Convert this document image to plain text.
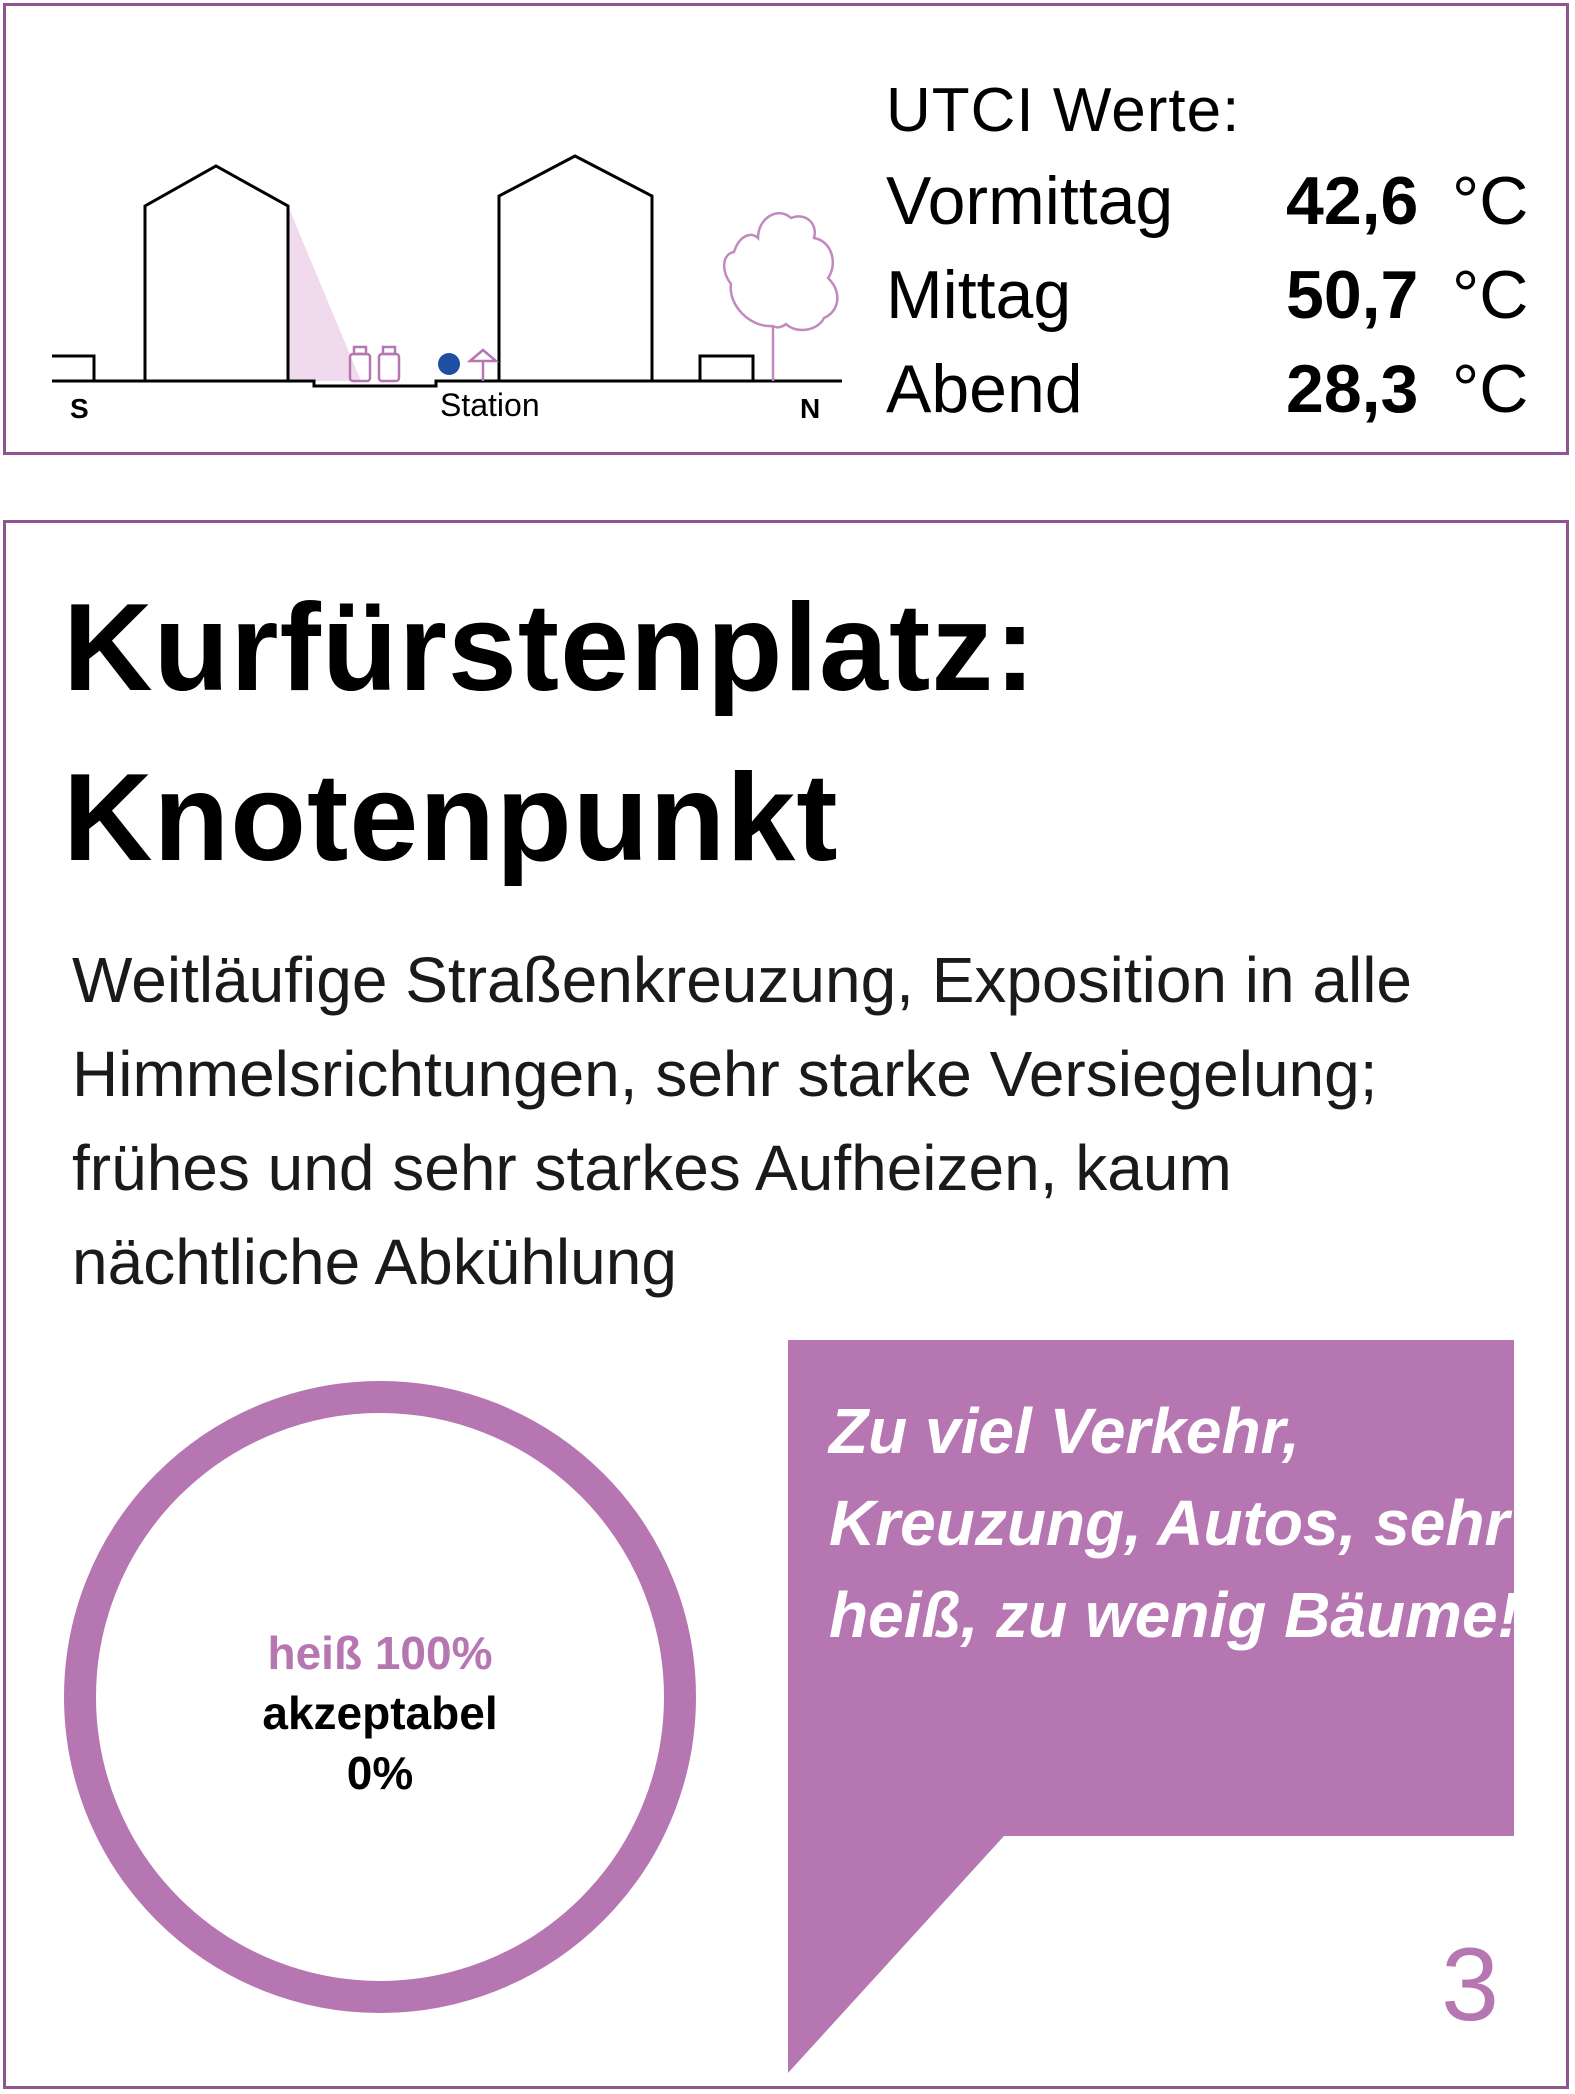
S	N
Station
UTCI Werte:
Vormittag 42,6 °C
Mittag	50,7 °C
Abend	28,3 °C
Kurfürstenplatz:
Knotenpunkt

Weitläufige Straßenkreuzung, Exposition in alle Himmelsrichtungen, sehr starke Versiegelung; frühes und sehr starkes Aufheizen, kaum nächtliche Abkühlung

heiß 100%
akzeptabel
0%

Zu viel Verkehr, Kreuzung, Autos, sehr heiß, zu wenig Bäume!

3
